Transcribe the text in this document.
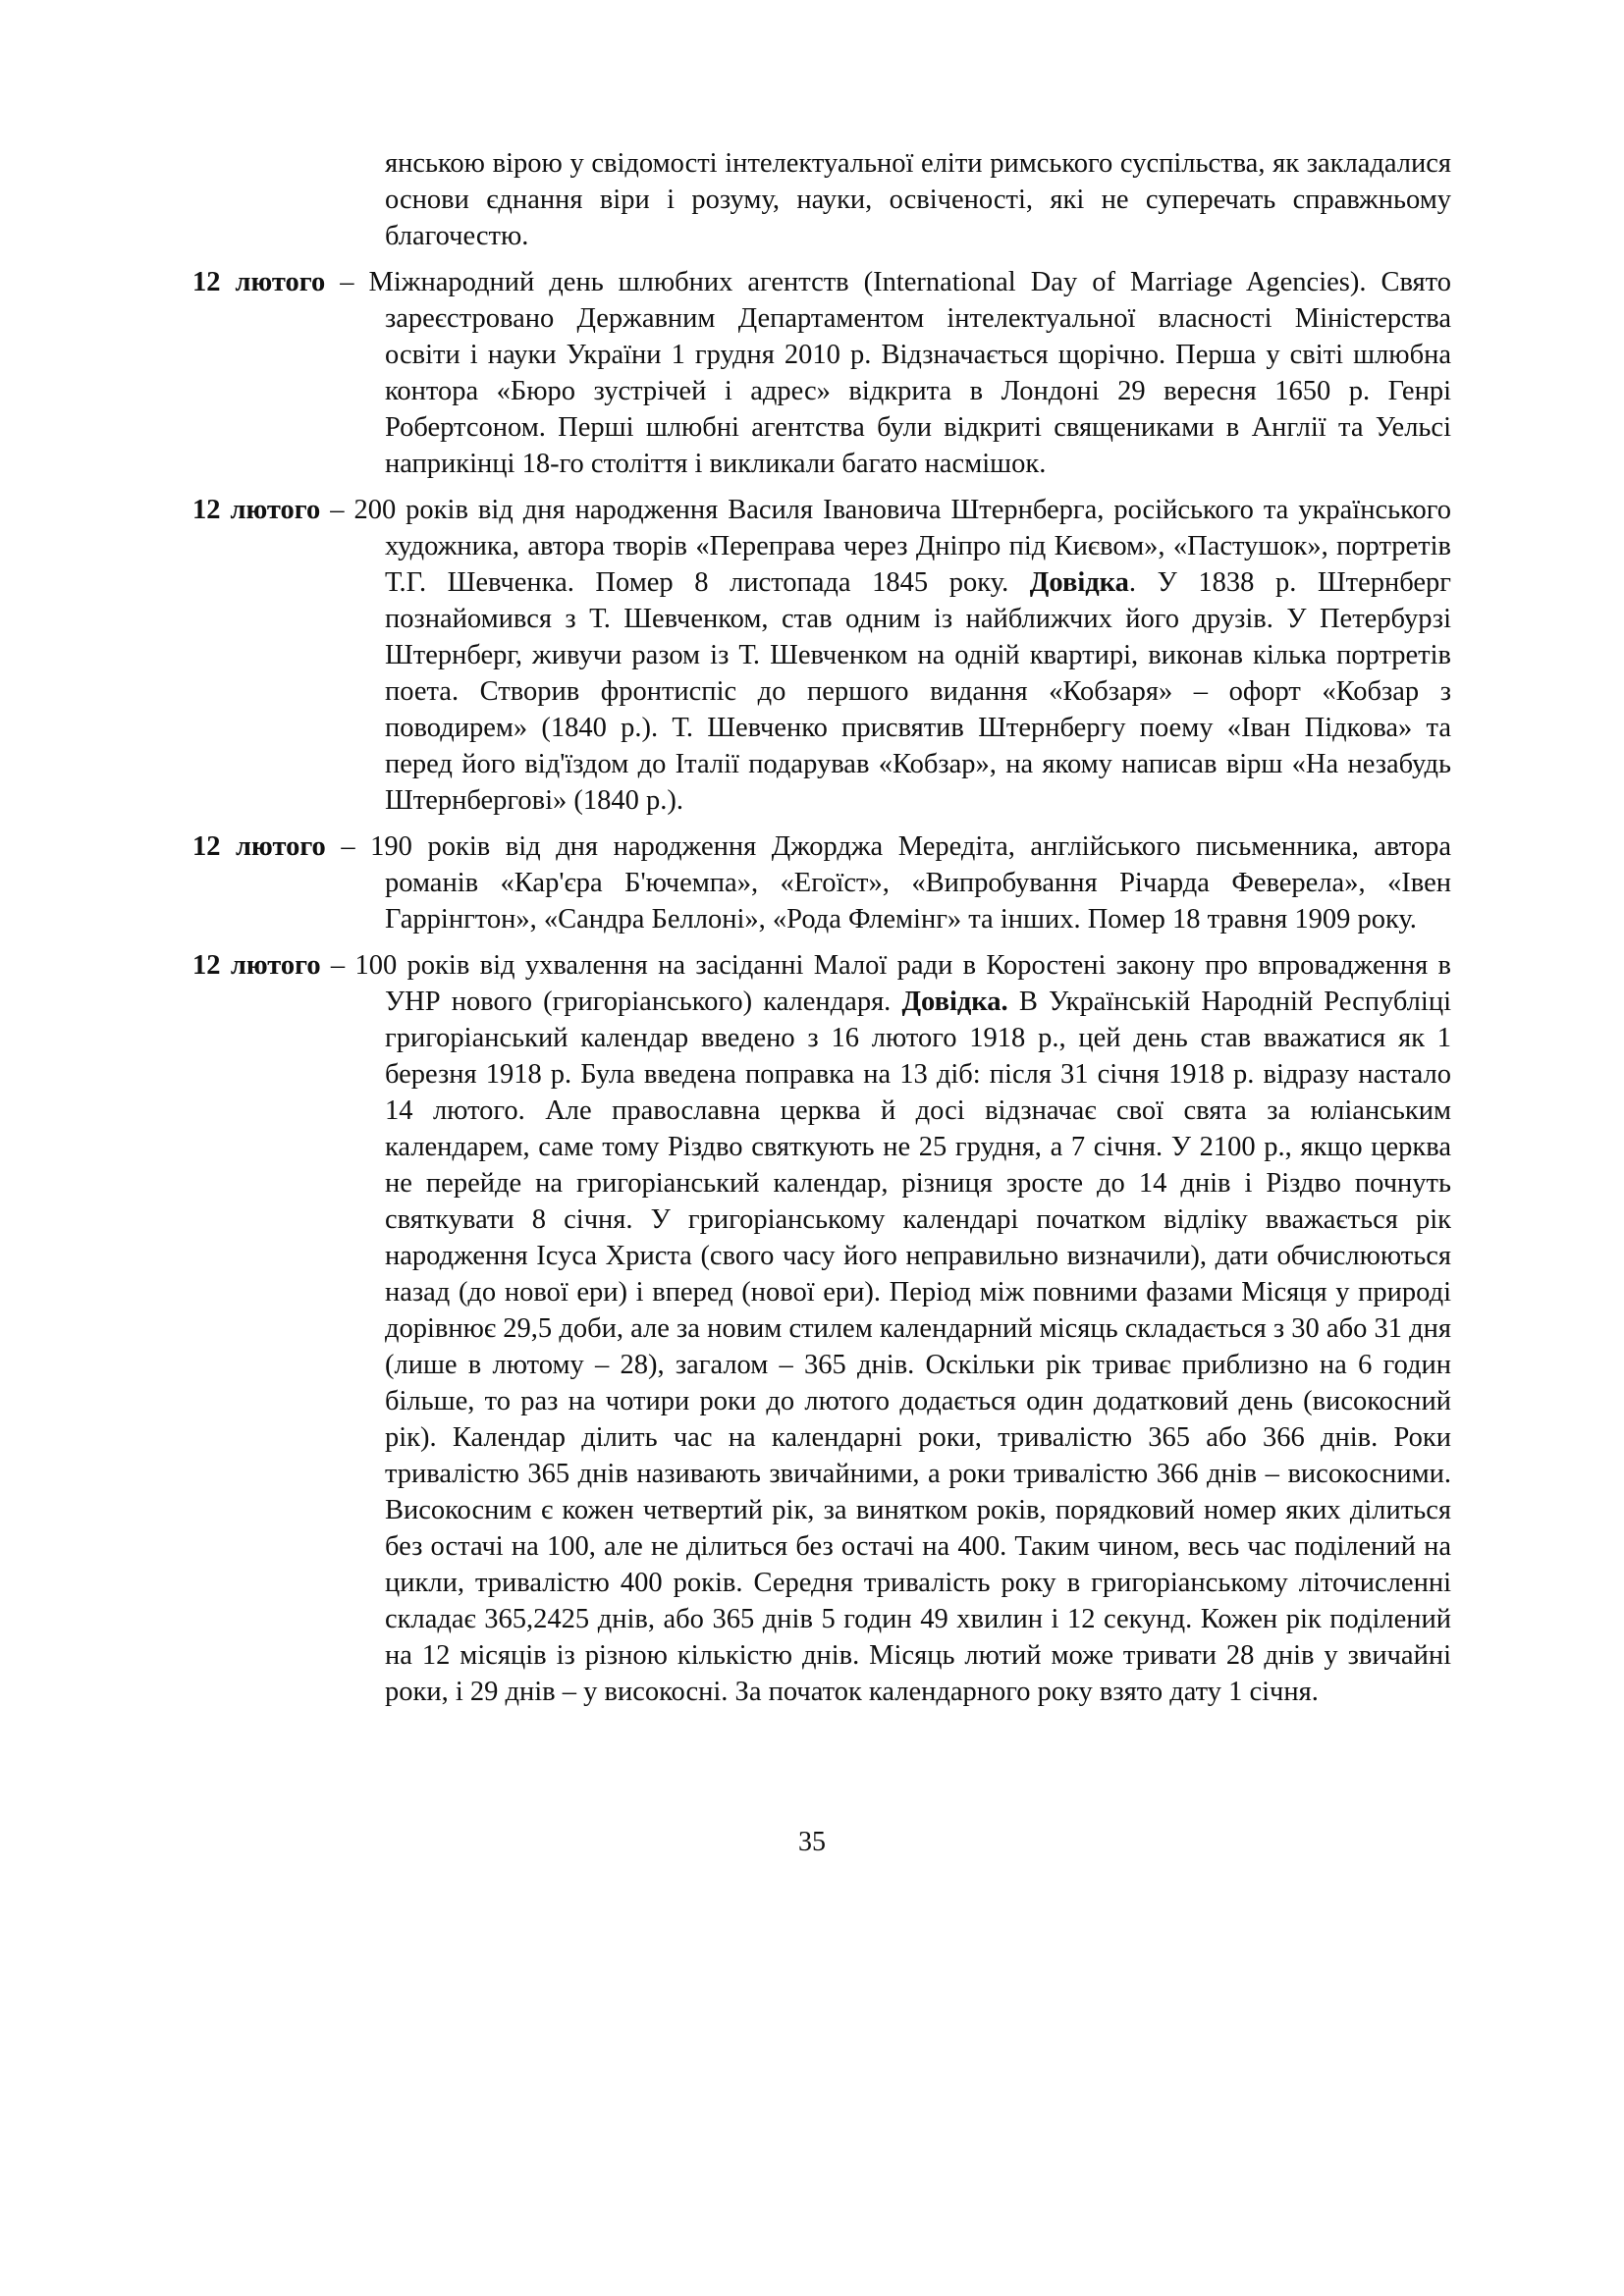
янською вірою у свідомості інтелектуальної еліти римського суспільства, як закладалися основи єднання віри і розуму, науки, освіченості, які не суперечать справжньому благочестю.

12 лютого – Міжнародний день шлюбних агентств (International Day of Marriage Agencies). Свято зареєстровано Державним Департаментом інтелектуальної власності Міністерства освіти і науки України 1 грудня 2010 р. Відзначається щорічно. Перша у світі шлюбна контора «Бюро зустрічей і адрес» відкрита в Лондоні 29 вересня 1650 р. Генрі Робертсоном. Перші шлюбні агентства були відкриті священиками в Англії та Уельсі наприкінці 18-го століття і викликали багато насмішок.

12 лютого – 200 років від дня народження Василя Івановича Штернберга, російського та українського художника, автора творів «Переправа через Дніпро під Києвом», «Пастушок», портретів Т.Г. Шевченка. Помер 8 листопада 1845 року. Довідка. У 1838 р. Штернберг познайомився з Т. Шевченком, став одним із найближчих його друзів. У Петербурзі Штернберг, живучи разом із Т. Шевченком на одній квартирі, виконав кілька портретів поета. Створив фронтиспіс до першого видання «Кобзаря» – офорт «Кобзар з поводирем» (1840 р.). Т. Шевченко присвятив Штернбергу поему «Іван Підкова» та перед його від'їздом до Італії подарував «Кобзар», на якому написав вірш «На незабудь Штернбергові» (1840 р.).

12 лютого – 190 років від дня народження Джорджа Мередіта, англійського письменника, автора романів «Кар'єра Б'ючемпа», «Егоїст», «Випробування Річарда Феверела», «Івен Гаррінгтон», «Сандра Беллоні», «Рода Флемінг» та інших. Помер 18 травня 1909 року.

12 лютого – 100 років від ухвалення на засіданні Малої ради в Коростені закону про впровадження в УНР нового (григоріанського) календаря. Довідка. В Українській Народній Республіці григоріанський календар введено з 16 лютого 1918 р., цей день став вважатися як 1 березня 1918 р. Була введена поправка на 13 діб: після 31 січня 1918 р. відразу настало 14 лютого. Але православна церква й досі відзначає свої свята за юліанським календарем, саме тому Різдво святкують не 25 грудня, а 7 січня. У 2100 р., якщо церква не перейде на григоріанський календар, різниця зросте до 14 днів і Різдво почнуть святкувати 8 січня. У григоріанському календарі початком відліку вважається рік народження Ісуса Христа (свого часу його неправильно визначили), дати обчислюються назад (до нової ери) і вперед (нової ери). Період між повними фазами Місяця у природі дорівнює 29,5 доби, але за новим стилем календарний місяць складається з 30 або 31 дня (лише в лютому – 28), загалом – 365 днів. Оскільки рік триває приблизно на 6 годин більше, то раз на чотири роки до лютого додається один додатковий день (високосний рік). Календар ділить час на календарні роки, тривалістю 365 або 366 днів. Роки тривалістю 365 днів називають звичайними, а роки тривалістю 366 днів – високосними. Високосним є кожен четвертий рік, за винятком років, порядковий номер яких ділиться без остачі на 100, але не ділиться без остачі на 400. Таким чином, весь час поділений на цикли, тривалістю 400 років. Середня тривалість року в григоріанському літочисленні складає 365,2425 днів, або 365 днів 5 годин 49 хвилин і 12 секунд. Кожен рік поділений на 12 місяців із різною кількістю днів. Місяць лютий може тривати 28 днів у звичайні роки, і 29 днів – у високосні. За початок календарного року взято дату 1 січня.

35
